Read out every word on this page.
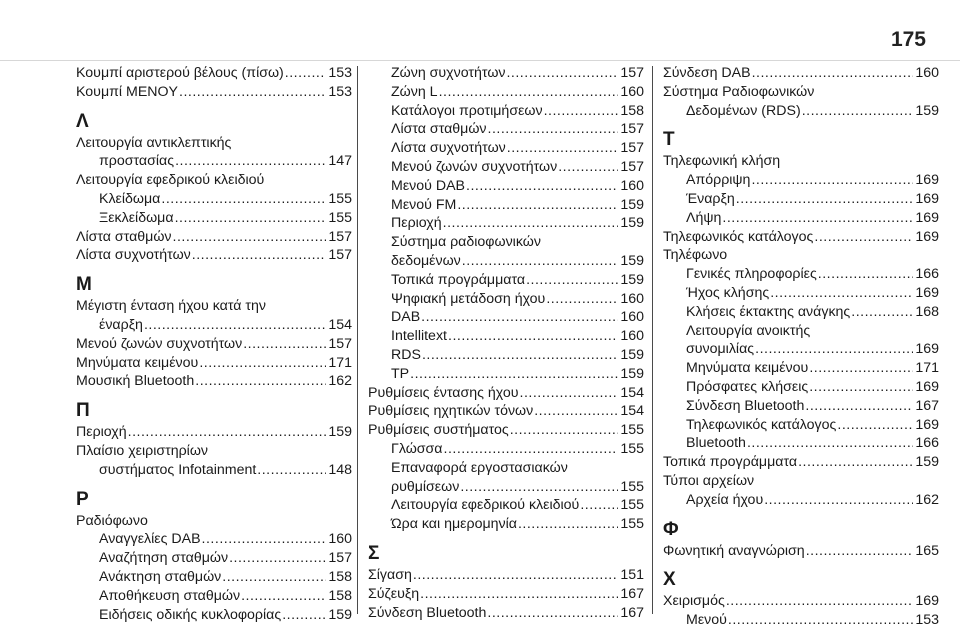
175
Κουμπί αριστερού βέλους (πίσω) .....	153
Κουμπί MENOY .....	153
Λ
Λειτουργία αντικλεπτικής
προστασίας .....	147
Λειτουργία εφεδρικού κλειδιού
Κλείδωμα .....	155
Ξεκλείδωμα .....	155
Λίστα σταθμών .....	157
Λίστα συχνοτήτων .....	157
Μ
Μέγιστη ένταση ήχου κατά την
έναρξη .....	154
Μενού ζωνών συχνοτήτων .....	157
Μηνύματα κειμένου .....	171
Μουσική Bluetooth .....	162
Π
Περιοχή .....	159
Πλαίσιο χειριστηρίων
συστήματος Infotainment .....	148
Ρ
Ραδιόφωνο
Αναγγελίες DAB .....	160
Αναζήτηση σταθμών .....	157
Ανάκτηση σταθμών .....	158
Αποθήκευση σταθμών .....	158
Ειδήσεις οδικής κυκλοφορίας .....	159
Ζώνη συχνοτήτων .....	157
Ζώνη L .....	160
Κατάλογοι προτιμήσεων .....	158
Λίστα σταθμών .....	157
Λίστα συχνοτήτων .....	157
Μενού ζωνών συχνοτήτων .....	157
Μενού DAB .....	160
Μενού FM .....	159
Περιοχή .....	159
Σύστημα ραδιοφωνικών
δεδομένων .....	159
Τοπικά προγράμματα .....	159
Ψηφιακή μετάδοση ήχου .....	160
DAB .....	160
Intellitext .....	160
RDS .....	159
TP .....	159
Ρυθμίσεις έντασης ήχου .....	154
Ρυθμίσεις ηχητικών τόνων .....	154
Ρυθμίσεις συστήματος .....	155
Γλώσσα .....	155
Επαναφορά εργοστασιακών
ρυθμίσεων .....	155
Λειτουργία εφεδρικού κλειδιού .....	155
Ώρα και ημερομηνία .....	155
Σ
Σίγαση .....	151
Σύζευξη .....	167
Σύνδεση Bluetooth .....	167
Σύνδεση DAB .....	160
Σύστημα Ραδιοφωνικών
Δεδομένων (RDS) .....	159
Τ
Τηλεφωνική κλήση
Απόρριψη .....	169
Έναρξη .....	169
Λήψη .....	169
Τηλεφωνικός κατάλογος .....	169
Τηλέφωνο
Γενικές πληροφορίες .....	166
Ήχος κλήσης .....	169
Κλήσεις έκτακτης ανάγκης .....	168
Λειτουργία ανοικτής
συνομιλίας .....	169
Μηνύματα κειμένου .....	171
Πρόσφατες κλήσεις .....	169
Σύνδεση Bluetooth .....	167
Τηλεφωνικός κατάλογος .....	169
Bluetooth .....	166
Τοπικά προγράμματα .....	159
Τύποι αρχείων
Αρχεία ήχου .....	162
Φ
Φωνητική αναγνώριση .....	165
Χ
Χειρισμός .....	169
Μενού .....	153
